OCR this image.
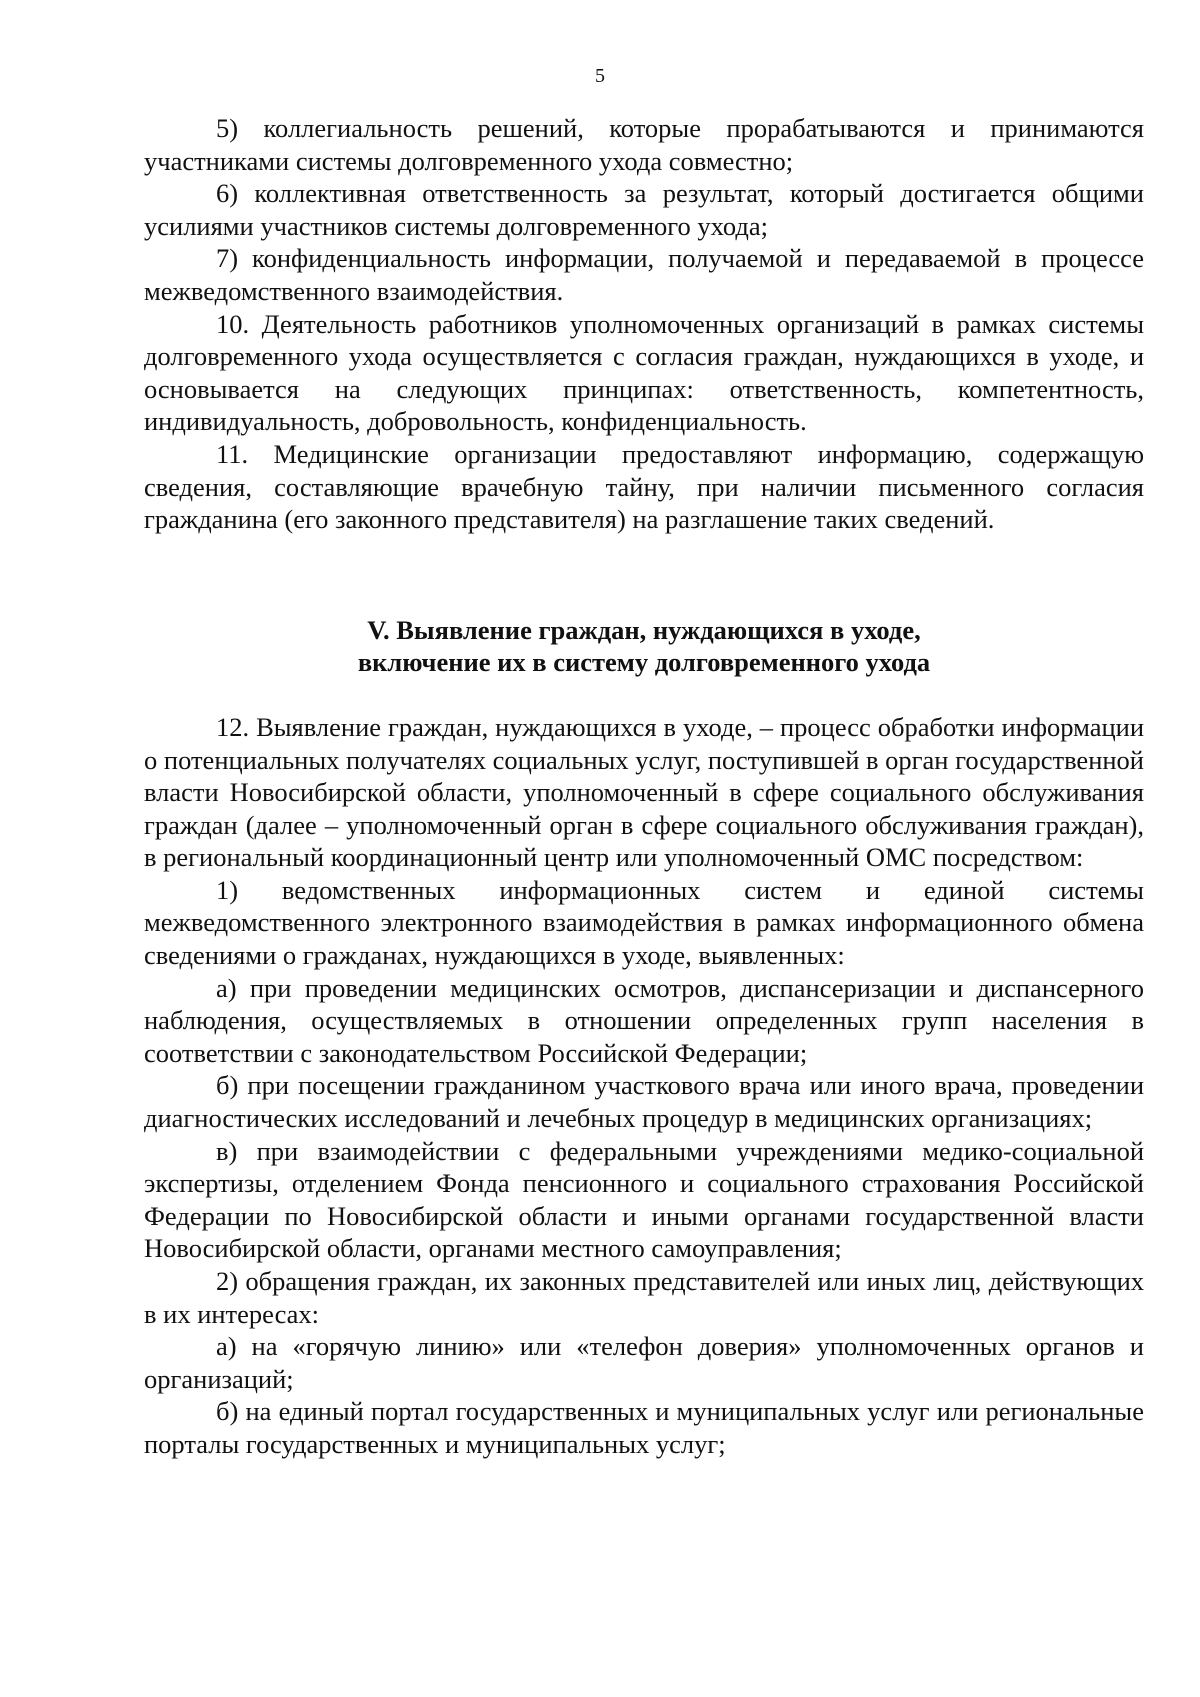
5

5) коллегиальность решений, которые прорабатываются и принимаются участниками системы долговременного ухода совместно;

6) коллективная ответственность за результат, который достигается общими усилиями участников системы долговременного ухода;

7) конфиденциальность информации, получаемой и передаваемой в процессе межведомственного взаимодействия.

10. Деятельность работников уполномоченных организаций в рамках системы долговременного ухода осуществляется с согласия граждан, нуждающихся в уходе, и основывается на следующих принципах: ответственность, компетентность, индивидуальность, добровольность, конфиденциальность.

11. Медицинские организации предоставляют информацию, содержащую сведения, составляющие врачебную тайну, при наличии письменного согласия гражданина (его законного представителя) на разглашение таких сведений.

V. Выявление граждан, нуждающихся в уходе,

включение их в систему долговременного ухода

12. Выявление граждан, нуждающихся в уходе, – процесс обработки информации о потенциальных получателях социальных услуг, поступившей в орган государственной власти Новосибирской области, уполномоченный в сфере социального обслуживания граждан (далее – уполномоченный орган в сфере социального обслуживания граждан), в региональный координационный центр или уполномоченный ОМС посредством:

1) ведомственных информационных систем и единой системы межведомственного электронного взаимодействия в рамках информационного обмена сведениями о гражданах, нуждающихся в уходе, выявленных:

а) при проведении медицинских осмотров, диспансеризации и диспансерного наблюдения, осуществляемых в отношении определенных групп населения в соответствии с законодательством Российской Федерации;

б) при посещении гражданином участкового врача или иного врача, проведении диагностических исследований и лечебных процедур в медицинских организациях;

в) при взаимодействии с федеральными учреждениями медико-социальной экспертизы, отделением Фонда пенсионного и социального страхования Российской Федерации по Новосибирской области и иными органами государственной власти Новосибирской области, органами местного самоуправления;

2) обращения граждан, их законных представителей или иных лиц, действующих в их интересах:

а) на «горячую линию» или «телефон доверия» уполномоченных органов и организаций;

б) на единый портал государственных и муниципальных услуг или региональные порталы государственных и муниципальных услуг;
